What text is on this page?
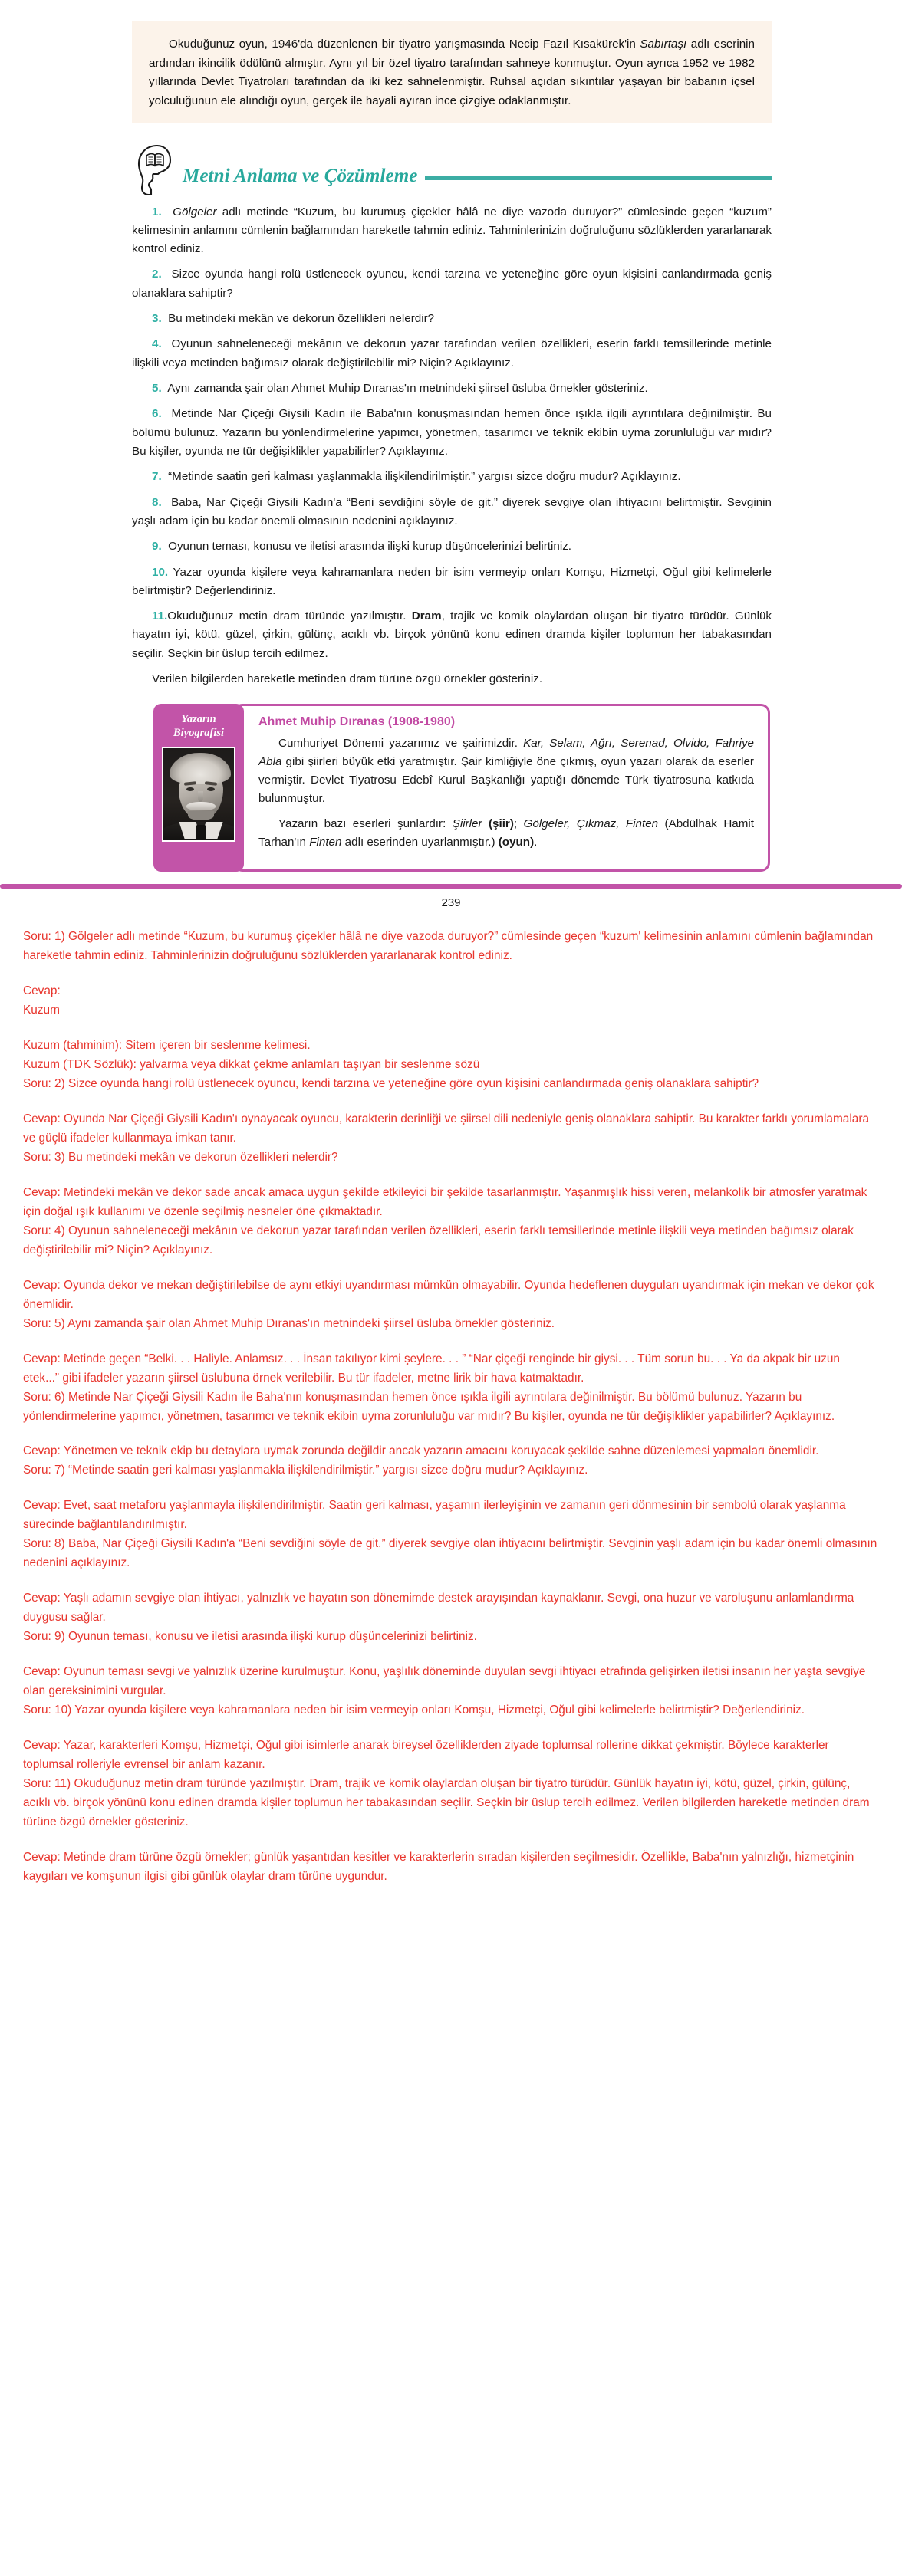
Okuduğunuz oyun, 1946'da düzenlenen bir tiyatro yarışmasında Necip Fazıl Kısakürek'in Sabırtaşı adlı eserinin ardından ikincilik ödülünü almıştır. Aynı yıl bir özel tiyatro tarafından sahneye konmuştur. Oyun ayrıca 1952 ve 1982 yıllarında Devlet Tiyatroları tarafından da iki kez sahnelenmiştir. Ruhsal açıdan sıkıntılar yaşayan bir babanın içsel yolculuğunun ele alındığı oyun, gerçek ile hayali ayıran ince çizgiye odaklanmıştır.
Metni Anlama ve Çözümleme

1. Gölgeler adlı metinde “Kuzum, bu kurumuş çiçekler hâlâ ne diye vazoda duruyor?” cümlesinde geçen “kuzum” kelimesinin anlamını cümlenin bağlamından hareketle tahmin ediniz. Tahminlerinizin doğruluğunu sözlüklerden yararlanarak kontrol ediniz.

2. Sizce oyunda hangi rolü üstlenecek oyuncu, kendi tarzına ve yeteneğine göre oyun kişisini canlandırmada geniş olanaklara sahiptir?

3. Bu metindeki mekân ve dekorun özellikleri nelerdir?

4. Oyunun sahneleneceği mekânın ve dekorun yazar tarafından verilen özellikleri, eserin farklı temsillerinde metinle ilişkili veya metinden bağımsız olarak değiştirilebilir mi? Niçin? Açıklayınız.

5. Aynı zamanda şair olan Ahmet Muhip Dıranas'ın metnindeki şiirsel üsluba örnekler gösteriniz.

6. Metinde Nar Çiçeği Giysili Kadın ile Baba'nın konuşmasından hemen önce ışıkla ilgili ayrıntılara değinilmiştir. Bu bölümü bulunuz. Yazarın bu yönlendirmelerine yapımcı, yönetmen, tasarımcı ve teknik ekibin uyma zorunluluğu var mıdır? Bu kişiler, oyunda ne tür değişiklikler yapabilirler? Açıklayınız.

7. “Metinde saatin geri kalması yaşlanmakla ilişkilendirilmiştir.” yargısı sizce doğru mudur? Açıklayınız.

8. Baba, Nar Çiçeği Giysili Kadın'a “Beni sevdiğini söyle de git.” diyerek sevgiye olan ihtiyacını belirtmiştir. Sevginin yaşlı adam için bu kadar önemli olmasının nedenini açıklayınız.

9. Oyunun teması, konusu ve iletisi arasında ilişki kurup düşüncelerinizi belirtiniz.

10. Yazar oyunda kişilere veya kahramanlara neden bir isim vermeyip onları Komşu, Hizmetçi, Oğul gibi kelimelerle belirtmiştir? Değerlendiriniz.

11.Okuduğunuz metin dram türünde yazılmıştır. Dram, trajik ve komik olaylardan oluşan bir tiyatro türüdür. Günlük hayatın iyi, kötü, güzel, çirkin, gülünç, acıklı vb. birçok yönünü konu edinen dramda kişiler toplumun her tabakasından seçilir. Seçkin bir üslup tercih edilmez.

Verilen bilgilerden hareketle metinden dram türüne özgü örnekler gösteriniz.

Yazarın
Biyografisi
Ahmet Muhip Dıranas (1908-1980)

Cumhuriyet Dönemi yazarımız ve şairimizdir. Kar, Selam, Ağrı, Serenad, Olvido, Fahriye Abla gibi şiirleri büyük etki yaratmıştır. Şair kimliğiyle öne çıkmış, oyun yazarı olarak da eserler vermiştir. Devlet Tiyatrosu Edebî Kurul Başkanlığı yaptığı dönemde Türk tiyatrosuna katkıda bulunmuştur.

Yazarın bazı eserleri şunlardır: Şiirler (şiir); Gölgeler, Çıkmaz, Finten (Abdülhak Hamit Tarhan'ın Finten adlı eserinden uyarlanmıştır.) (oyun).

239

Soru: 1) Gölgeler adlı metinde “Kuzum, bu kurumuş çiçekler hâlâ ne diye vazoda duruyor?” cümlesinde geçen “kuzum' kelimesinin anlamını cümlenin bağlamından hareketle tahmin ediniz. Tahminlerinizin doğruluğunu sözlüklerden yararlanarak kontrol ediniz.

Cevap:

Kuzum

Kuzum (tahminim): Sitem içeren bir seslenme kelimesi.

Kuzum (TDK Sözlük): yalvarma veya dikkat çekme anlamları taşıyan bir seslenme sözü

Soru: 2) Sizce oyunda hangi rolü üstlenecek oyuncu, kendi tarzına ve yeteneğine göre oyun kişisini canlandırmada geniş olanaklara sahiptir?

Cevap: Oyunda Nar Çiçeği Giysili Kadın'ı oynayacak oyuncu, karakterin derinliği ve şiirsel dili nedeniyle geniş olanaklara sahiptir. Bu karakter farklı yorumlamalara ve güçlü ifadeler kullanmaya imkan tanır.

Soru: 3) Bu metindeki mekân ve dekorun özellikleri nelerdir?

Cevap: Metindeki mekân ve dekor sade ancak amaca uygun şekilde etkileyici bir şekilde tasarlanmıştır. Yaşanmışlık hissi veren, melankolik bir atmosfer yaratmak için doğal ışık kullanımı ve özenle seçilmiş nesneler öne çıkmaktadır.

Soru: 4) Oyunun sahneleneceği mekânın ve dekorun yazar tarafından verilen özellikleri, eserin farklı temsillerinde metinle ilişkili veya metinden bağımsız olarak değiştirilebilir mi? Niçin? Açıklayınız.

Cevap: Oyunda dekor ve mekan değiştirilebilse de aynı etkiyi uyandırması mümkün olmayabilir. Oyunda hedeflenen duyguları uyandırmak için mekan ve dekor çok önemlidir.

Soru: 5) Aynı zamanda şair olan Ahmet Muhip Dıranas'ın metnindeki şiirsel üsluba örnekler gösteriniz.

Cevap: Metinde geçen “Belki. . . Haliyle. Anlamsız. . . İnsan takılıyor kimi şeylere. . . ” “Nar çiçeği renginde bir giysi. . . Tüm sorun bu. . . Ya da akpak bir uzun etek...” gibi ifadeler yazarın şiirsel üslubuna örnek verilebilir. Bu tür ifadeler, metne lirik bir hava katmaktadır.

Soru: 6) Metinde Nar Çiçeği Giysili Kadın ile Baha'nın konuşmasından hemen önce ışıkla ilgili ayrıntılara değinilmiştir. Bu bölümü bulunuz. Yazarın bu yönlendirmelerine yapımcı, yönetmen, tasarımcı ve teknik ekibin uyma zorunluluğu var mıdır? Bu kişiler, oyunda ne tür değişiklikler yapabilirler? Açıklayınız.

Cevap: Yönetmen ve teknik ekip bu detaylara uymak zorunda değildir ancak yazarın amacını koruyacak şekilde sahne düzenlemesi yapmaları önemlidir.

Soru: 7) “Metinde saatin geri kalması yaşlanmakla ilişkilendirilmiştir.” yargısı sizce doğru mudur? Açıklayınız.

Cevap: Evet, saat metaforu yaşlanmayla ilişkilendirilmiştir. Saatin geri kalması, yaşamın ilerleyişinin ve zamanın geri dönmesinin bir sembolü olarak yaşlanma sürecinde bağlantılandırılmıştır.

Soru: 8) Baba, Nar Çiçeği Giysili Kadın'a “Beni sevdiğini söyle de git.” diyerek sevgiye olan ihtiyacını belirtmiştir. Sevginin yaşlı adam için bu kadar önemli olmasının nedenini açıklayınız.

Cevap: Yaşlı adamın sevgiye olan ihtiyacı, yalnızlık ve hayatın son dönemimde destek arayışından kaynaklanır. Sevgi, ona huzur ve varoluşunu anlamlandırma duygusu sağlar.

Soru: 9) Oyunun teması, konusu ve iletisi arasında ilişki kurup düşüncelerinizi belirtiniz.

Cevap: Oyunun teması sevgi ve yalnızlık üzerine kurulmuştur. Konu, yaşlılık döneminde duyulan sevgi ihtiyacı etrafında gelişirken iletisi insanın her yaşta sevgiye olan gereksinimini vurgular.

Soru: 10) Yazar oyunda kişilere veya kahramanlara neden bir isim vermeyip onları Komşu, Hizmetçi, Oğul gibi kelimelerle belirtmiştir? Değerlendiriniz.

Cevap: Yazar, karakterleri Komşu, Hizmetçi, Oğul gibi isimlerle anarak bireysel özelliklerden ziyade toplumsal rollerine dikkat çekmiştir. Böylece karakterler toplumsal rolleriyle evrensel bir anlam kazanır.

Soru: 11) Okuduğunuz metin dram türünde yazılmıştır. Dram, trajik ve komik olaylardan oluşan bir tiyatro türüdür. Günlük hayatın iyi, kötü, güzel, çirkin, gülünç, acıklı vb. birçok yönünü konu edinen dramda kişiler toplumun her tabakasından seçilir. Seçkin bir üslup tercih edilmez. Verilen bilgilerden hareketle metinden dram türüne özgü örnekler gösteriniz.

Cevap: Metinde dram türüne özgü örnekler; günlük yaşantıdan kesitler ve karakterlerin sıradan kişilerden seçilmesidir. Özellikle, Baba'nın yalnızlığı, hizmetçinin kaygıları ve komşunun ilgisi gibi günlük olaylar dram türüne uygundur.
